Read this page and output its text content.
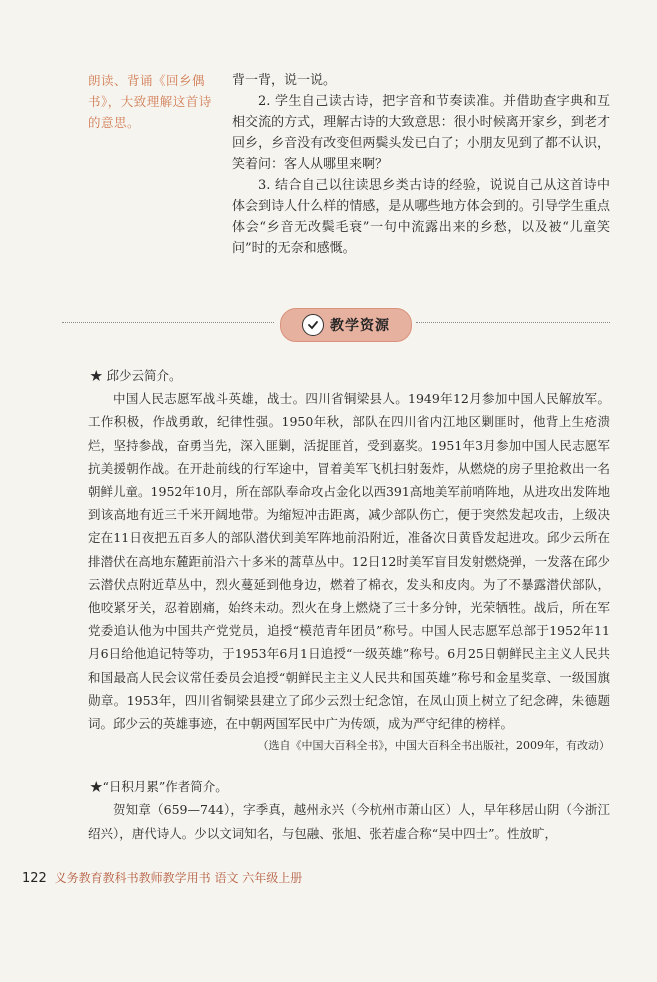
朗读、背诵《回乡偶书》，大致理解这首诗的意思。

背一背，说一说。

2. 学生自己读古诗，把字音和节奏读准。并借助查字典和互相交流的方式，理解古诗的大致意思：很小时候离开家乡，到老才回乡，乡音没有改变但两鬓头发已白了；小朋友见到了都不认识，笑着问：客人从哪里来啊？

3. 结合自己以往读思乡类古诗的经验，说说自己从这首诗中体会到诗人什么样的情感，是从哪些地方体会到的。引导学生重点体会“乡音无改鬓毛衰”一句中流露出来的乡愁，以及被“儿童笑问”时的无奈和感慨。

教学资源

★ 邱少云简介。

中国人民志愿军战斗英雄，战士。四川省铜梁县人。1949年12月参加中国人民解放军。工作积极，作战勇敢，纪律性强。1950年秋，部队在四川省内江地区剿匪时，他背上生疮溃烂，坚持参战，奋勇当先，深入匪剿，活捉匪首，受到嘉奖。1951年3月参加中国人民志愿军抗美援朝作战。在开赴前线的行军途中，冒着美军飞机扫射轰炸，从燃烧的房子里抢救出一名朝鲜儿童。1952年10月，所在部队奉命攻占金化以西391高地美军前哨阵地，从进攻出发阵地到该高地有近三千米开阔地带。为缩短冲击距离，减少部队伤亡，便于突然发起攻击，上级决定在11日夜把五百多人的部队潜伏到美军阵地前沿附近，准备次日黄昏发起进攻。邱少云所在排潜伏在高地东麓距前沿六十多米的蒿草丛中。12日12时美军盲目发射燃烧弹，一发落在邱少云潜伏点附近草丛中，烈火蔓延到他身边，燃着了棉衣，发头和皮肉。为了不暴露潜伏部队，他咬紧牙关，忍着剧痛，始终未动。烈火在身上燃烧了三十多分钟，光荣牺牲。战后，所在军党委追认他为中国共产党党员，追授“模范青年团员”称号。中国人民志愿军总部于1952年11月6日给他追记特等功，于1953年6月1日追授“一级英雄”称号。6月25日朝鲜民主主义人民共和国最高人民会议常任委员会追授“朝鲜民主主义人民共和国英雄”称号和金星奖章、一级国旗勋章。1953年，四川省铜梁县建立了邱少云烈士纪念馆，在凤山顶上树立了纪念碑，朱德题词。邱少云的英雄事迹，在中朝两国军民中广为传颂，成为严守纪律的榜样。

（选自《中国大百科全书》，中国大百科全书出版社，2009年，有改动）

★“日积月累”作者简介。

贺知章（659—744），字季真，越州永兴（今杭州市萧山区）人，早年移居山阴（今浙江绍兴），唐代诗人。少以文词知名，与包融、张旭、张若虚合称“吴中四士”。性放旷，

122 义务教育教科书教师教学用书 语文 六年级上册
